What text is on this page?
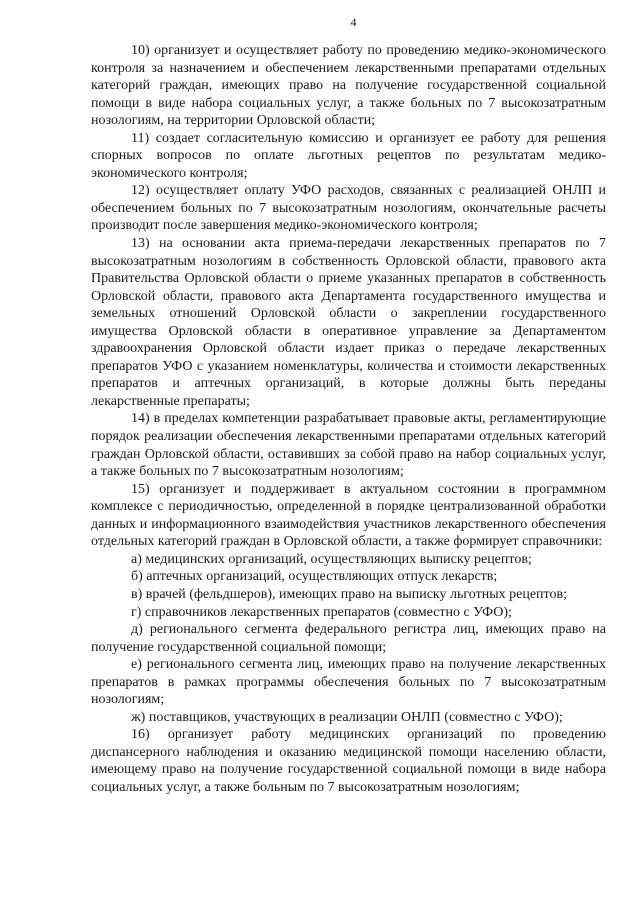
4

10) организует и осуществляет работу по проведению медико-экономического контроля за назначением и обеспечением лекарственными препаратами отдельных категорий граждан, имеющих право на получение государственной социальной помощи в виде набора социальных услуг, а также больных по 7 высокозатратным нозологиям, на территории Орловской области;

11) создает согласительную комиссию и организует ее работу для решения спорных вопросов по оплате льготных рецептов по результатам медико-экономического контроля;

12) осуществляет оплату УФО расходов, связанных с реализацией ОНЛП и обеспечением больных по 7 высокозатратным нозологиям, окончательные расчеты производит после завершения медико-экономического контроля;

13) на основании акта приема-передачи лекарственных препаратов по 7 высокозатратным нозологиям в собственность Орловской области, правового акта Правительства Орловской области о приеме указанных препаратов в собственность Орловской области, правового акта Департамента государственного имущества и земельных отношений Орловской области о закреплении государственного имущества Орловской области в оперативное управление за Департаментом здравоохранения Орловской области издает приказ о передаче лекарственных препаратов УФО с указанием номенклатуры, количества и стоимости лекарственных препаратов и аптечных организаций, в которые должны быть переданы лекарственные препараты;

14) в пределах компетенции разрабатывает правовые акты, регламентирующие порядок реализации обеспечения лекарственными препаратами отдельных категорий граждан Орловской области, оставивших за собой право на набор социальных услуг, а также больных по 7 высокозатратным нозологиям;

15) организует и поддерживает в актуальном состоянии в программном комплексе с периодичностью, определенной в порядке централизованной обработки данных и информационного взаимодействия участников лекарственного обеспечения отдельных категорий граждан в Орловской области, а также формирует справочники:

а) медицинских организаций, осуществляющих выписку рецептов;

б) аптечных организаций, осуществляющих отпуск лекарств;

в) врачей (фельдшеров), имеющих право на выписку льготных рецептов;

г) справочников лекарственных препаратов (совместно с УФО);

д) регионального сегмента федерального регистра лиц, имеющих право на получение государственной социальной помощи;

е) регионального сегмента лиц, имеющих право на получение лекарственных препаратов в рамках программы обеспечения больных по 7 высокозатратным нозологиям;

ж) поставщиков, участвующих в реализации ОНЛП (совместно с УФО);

16) организует работу медицинских организаций по проведению диспансерного наблюдения и оказанию медицинской помощи населению области, имеющему право на получение государственной социальной помощи в виде набора социальных услуг, а также больным по 7 высокозатратным нозологиям;
